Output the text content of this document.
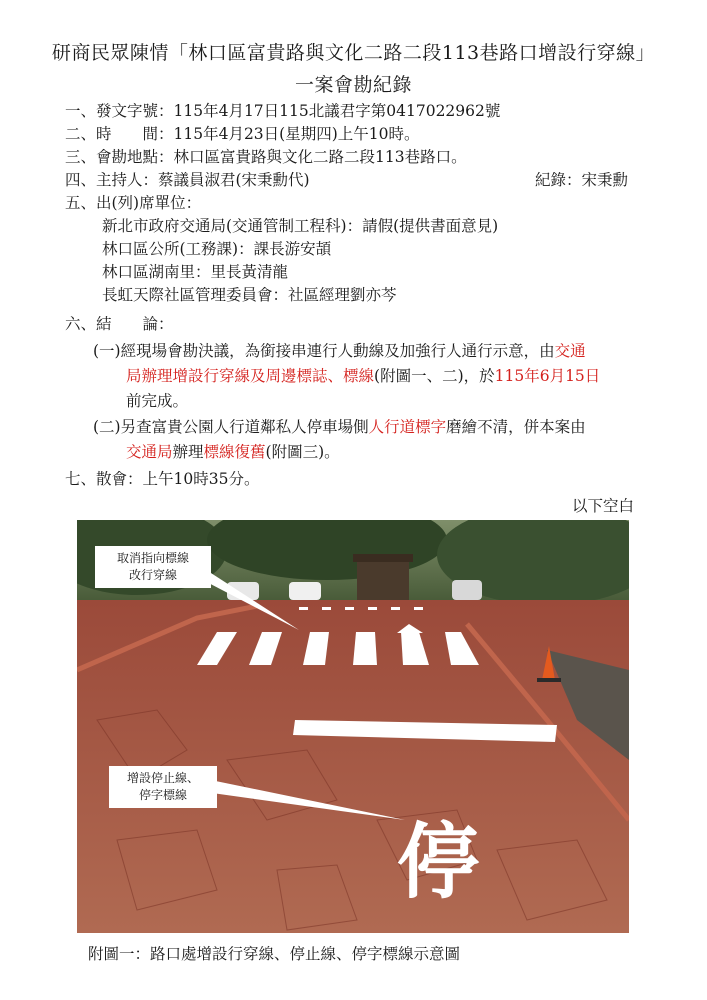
研商民眾陳情「林口區富貴路與文化二路二段113巷路口增設行穿線」
一案會勘紀錄
一、發文字號：115年4月17日115北議君字第0417022962號
二、時　　間：115年4月23日(星期四)上午10時。
三、會勘地點：林口區富貴路與文化二路二段113巷路口。
四、主持人：蔡議員淑君(宋秉勳代)	紀錄：宋秉勳
五、出(列)席單位：
新北市政府交通局(交通管制工程科)：請假(提供書面意見)
林口區公所(工務課)：課長游安頡
林口區湖南里：里長黃清龍
長虹天際社區管理委員會：社區經理劉亦芩
六、結　　論：
(一)經現場會勘決議，為銜接串連行人動線及加強行人通行示意，由交通
局辦理增設行穿線及周邊標誌、標線(附圖一、二)，於115年6月15日
前完成。
(二)另查富貴公園人行道鄰私人停車場側人行道標字磨繪不清，併本案由
交通局辦理標線復舊(附圖三)。
七、散會：上午10時35分。
以下空白
停
取消指向標線
改行穿線
增設停止線、
停字標線
附圖一：路口處增設行穿線、停止線、停字標線示意圖
